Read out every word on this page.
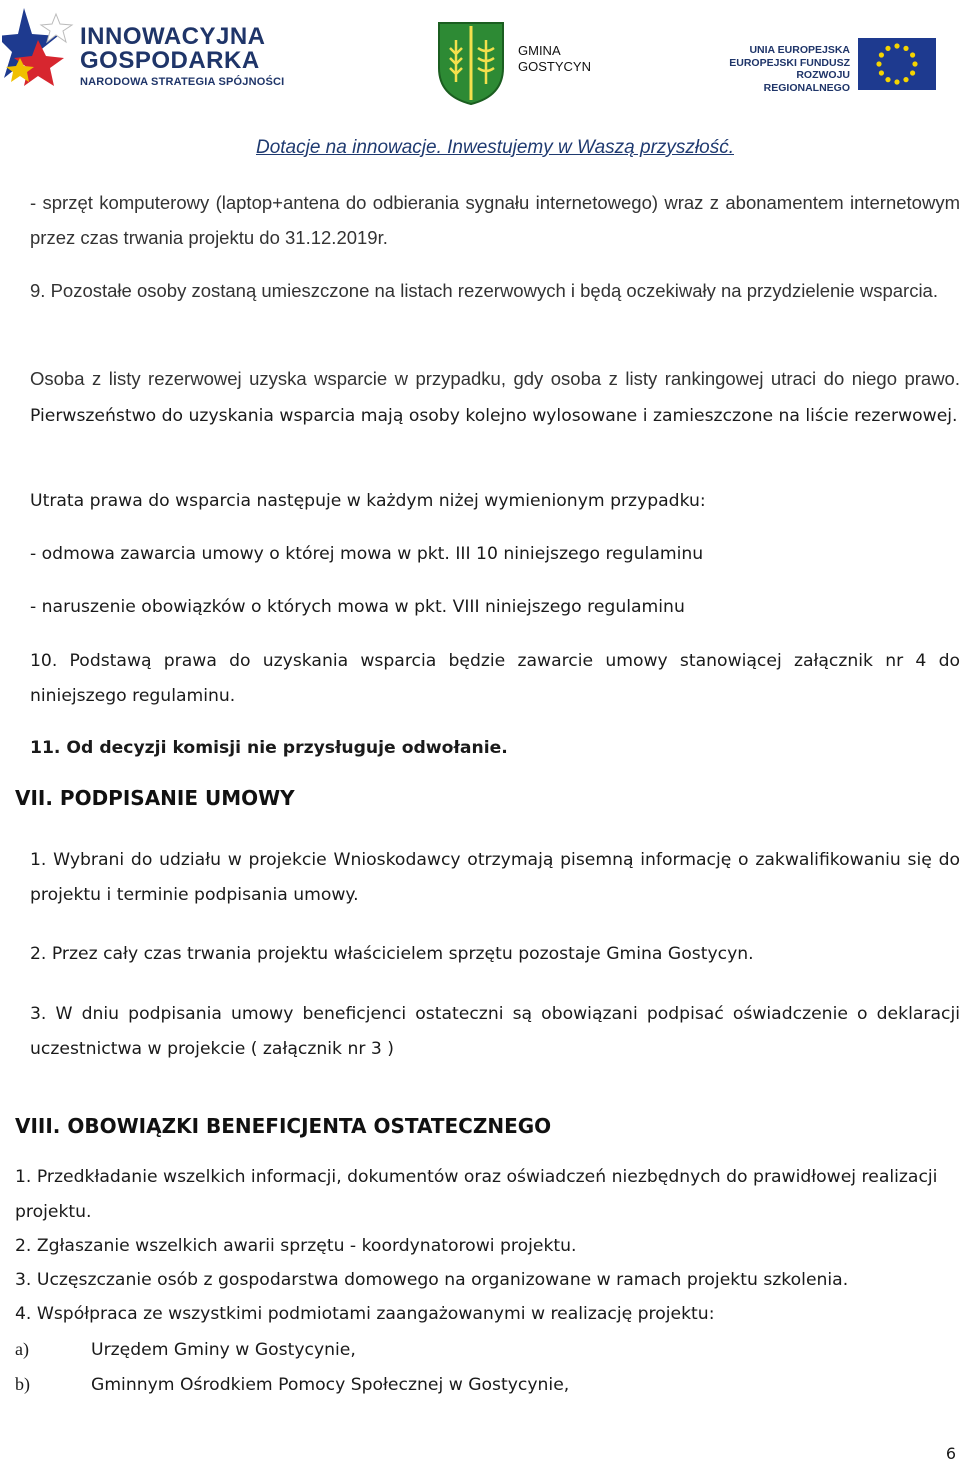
INNOWACYJNA
GOSPODARKA
NARODOWA STRATEGIA SPÓJNOŚCI
GMINA
GOSTYCYN
UNIA EUROPEJSKA
EUROPEJSKI FUNDUSZ
ROZWOJU REGIONALNEGO
Dotacje na innowacje. Inwestujemy w Waszą przyszłość.

- sprzęt komputerowy (laptop+antena do odbierania sygnału internetowego) wraz z abonamentem internetowym przez czas trwania projektu do 31.12.2019r.

9. Pozostałe osoby zostaną umieszczone na listach rezerwowych i będą oczekiwały na przydzielenie wsparcia.

Osoba z listy rezerwowej uzyska wsparcie w przypadku, gdy osoba z listy rankingowej utraci do niego prawo. Pierwszeństwo do uzyskania wsparcia mają osoby kolejno wylosowane i zamieszczone na liście rezerwowej.

Utrata prawa do wsparcia następuje w każdym niżej wymienionym przypadku:

- odmowa zawarcia umowy o której mowa w pkt. III 10 niniejszego regulaminu

- naruszenie obowiązków o których mowa w pkt. VIII niniejszego regulaminu

10. Podstawą prawa do uzyskania wsparcia będzie zawarcie umowy stanowiącej załącznik nr 4 do niniejszego regulaminu.

11. Od decyzji komisji nie przysługuje odwołanie.

VII. PODPISANIE UMOWY

1. Wybrani do udziału w projekcie Wnioskodawcy otrzymają pisemną informację o zakwalifikowaniu się do projektu i terminie podpisania umowy.

2. Przez cały czas trwania projektu właścicielem sprzętu pozostaje Gmina Gostycyn.

3. W dniu podpisania umowy beneficjenci ostateczni są obowiązani podpisać oświadczenie o deklaracji uczestnictwa w projekcie ( załącznik nr 3 )

VIII. OBOWIĄZKI BENEFICJENTA OSTATECZNEGO

1. Przedkładanie wszelkich informacji, dokumentów oraz oświadczeń niezbędnych do prawidłowej realizacji projektu.

2. Zgłaszanie wszelkich awarii sprzętu - koordynatorowi projektu.

3. Uczęszczanie osób z gospodarstwa domowego na organizowane w ramach projektu szkolenia.

4. Współpraca ze wszystkimi podmiotami zaangażowanymi w realizację projektu:

a)	Urzędem Gminy w Gostycynie,

b)	Gminnym Ośrodkiem Pomocy Społecznej w Gostycynie,

6
